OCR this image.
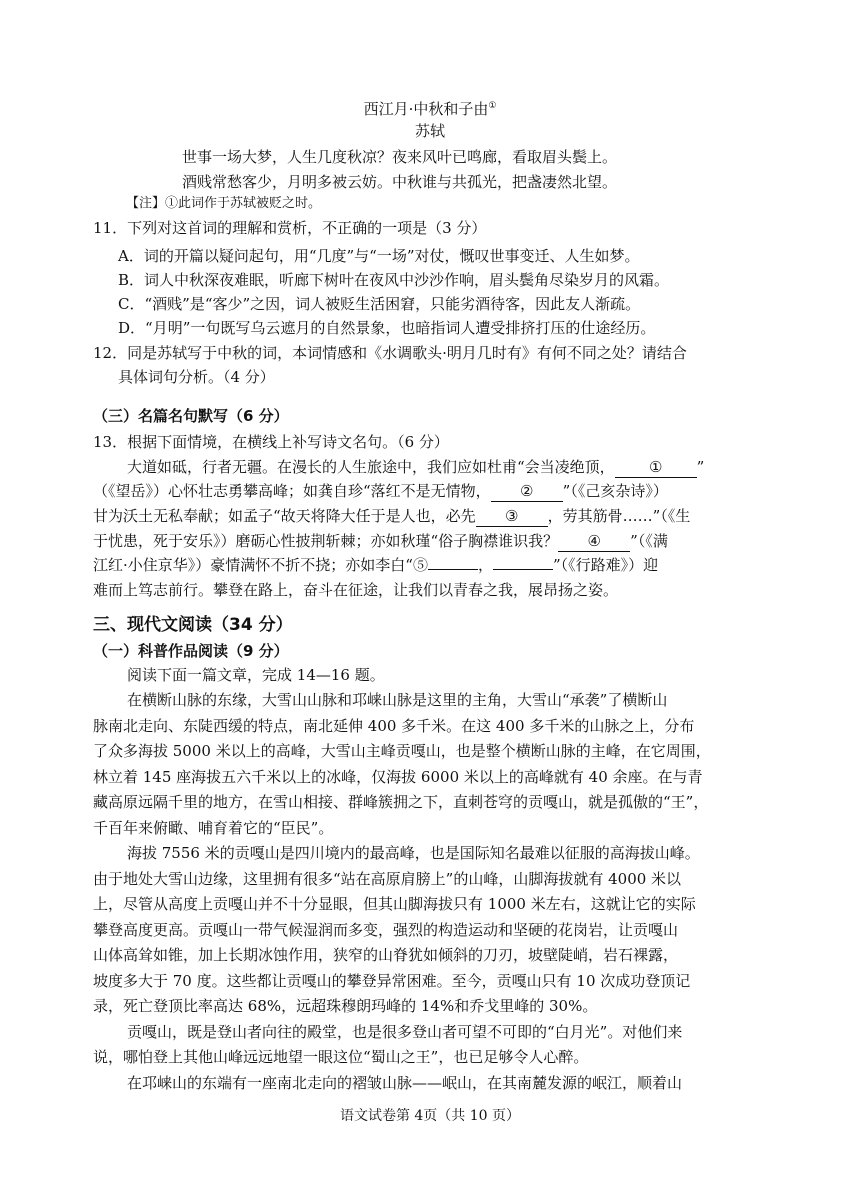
西江月·中秋和子由①
苏轼
世事一场大梦，人生几度秋凉？夜来风叶已鸣廊，看取眉头鬓上。
酒贱常愁客少，月明多被云妨。中秋谁与共孤光，把盏凄然北望。
【注】①此词作于苏轼被贬之时。
11．下列对这首词的理解和赏析，不正确的一项是（3 分）
A．词的开篇以疑问起句，用“几度”与“一场”对仗，慨叹世事变迁、人生如梦。
B．词人中秋深夜难眠，听廊下树叶在夜风中沙沙作响，眉头鬓角尽染岁月的风霜。
C．“酒贱”是“客少”之因，词人被贬生活困窘，只能劣酒待客，因此友人渐疏。
D．“月明”一句既写乌云遮月的自然景象，也暗指词人遭受排挤打压的仕途经历。
12．同是苏轼写于中秋的词，本词情感和《水调歌头·明月几时有》有何不同之处？请结合
具体词句分析。（4 分）
（三）名篇名句默写（6 分）
13．根据下面情境，在横线上补写诗文名句。（6 分）
大道如砥，行者无疆。在漫长的人生旅途中，我们应如杜甫“会当凌绝顶， ① ”
（《望岳》）心怀壮志勇攀高峰；如龚自珍“落红不是无情物， ② ”（《己亥杂诗》）
甘为沃土无私奉献；如孟子“故天将降大任于是人也，必先 ③ ，劳其筋骨……”（《生
于忧患，死于安乐》）磨砺心性披荆斩棘；亦如秋瑾“俗子胸襟谁识我？ ④ ”（《满
江红·小住京华》）豪情满怀不折不挠；亦如李白“⑤	，	”（《行路难》）迎
难而上笃志前行。攀登在路上，奋斗在征途，让我们以青春之我，展昂扬之姿。
三、现代文阅读（34 分）
（一）科普作品阅读（9 分）
阅读下面一篇文章，完成 14—16 题。
在横断山脉的东缘，大雪山山脉和邛崃山脉是这里的主角，大雪山“承袭”了横断山
脉南北走向、东陡西缓的特点，南北延伸 400 多千米。在这 400 多千米的山脉之上，分布
了众多海拔 5000 米以上的高峰，大雪山主峰贡嘎山，也是整个横断山脉的主峰，在它周围，
林立着 145 座海拔五六千米以上的冰峰，仅海拔 6000 米以上的高峰就有 40 余座。在与青
藏高原远隔千里的地方，在雪山相接、群峰簇拥之下，直刺苍穹的贡嘎山，就是孤傲的“王”，
千百年来俯瞰、哺育着它的“臣民”。
海拔 7556 米的贡嘎山是四川境内的最高峰，也是国际知名最难以征服的高海拔山峰。
由于地处大雪山边缘，这里拥有很多“站在高原肩膀上”的山峰，山脚海拔就有 4000 米以
上，尽管从高度上贡嘎山并不十分显眼，但其山脚海拔只有 1000 米左右，这就让它的实际
攀登高度更高。贡嘎山一带气候湿润而多变，强烈的构造运动和坚硬的花岗岩，让贡嘎山
山体高耸如锥，加上长期冰蚀作用，狭窄的山脊犹如倾斜的刀刃，坡壁陡峭，岩石裸露，
坡度多大于 70 度。这些都让贡嘎山的攀登异常困难。至今，贡嘎山只有 10 次成功登顶记
录，死亡登顶比率高达 68%，远超珠穆朗玛峰的 14%和乔戈里峰的 30%。
贡嘎山，既是登山者向往的殿堂，也是很多登山者可望不可即的“白月光”。对他们来
说，哪怕登上其他山峰远远地望一眼这位“蜀山之王”，也已足够令人心醉。
在邛崃山的东端有一座南北走向的褶皱山脉——岷山，在其南麓发源的岷江，顺着山
语文试卷第 4页（共 10 页）
